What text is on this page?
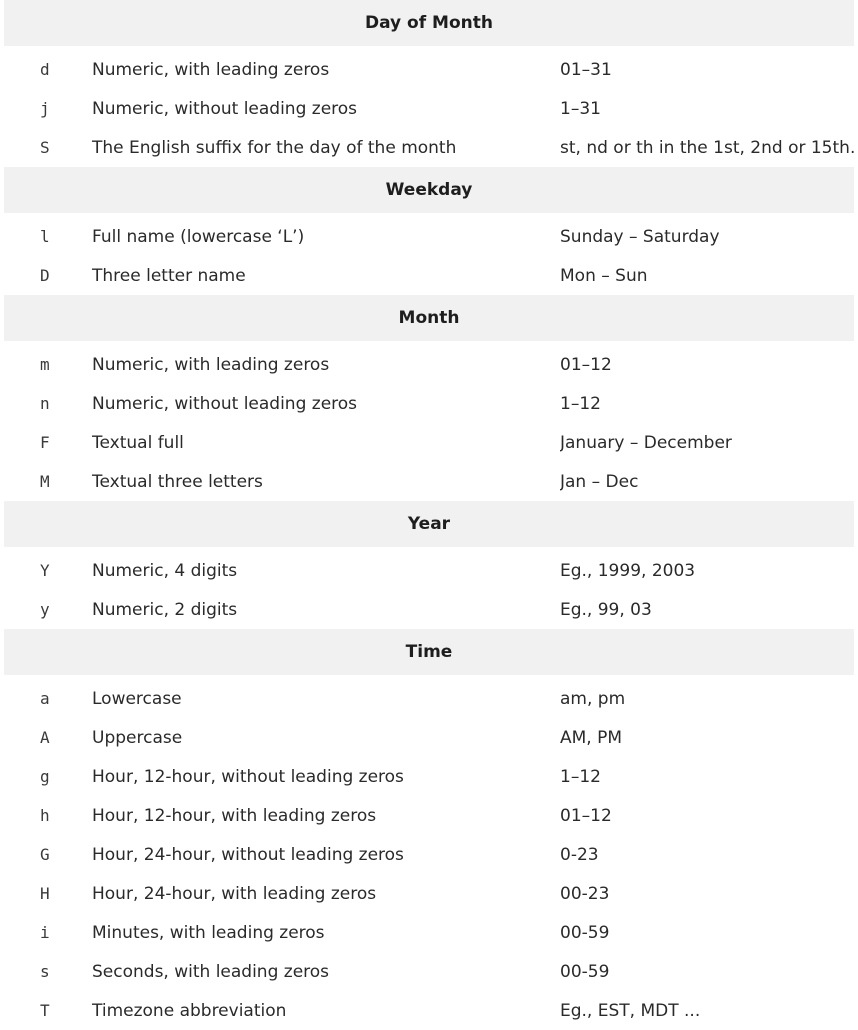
Day of Month
d	Numeric, with leading zeros	01–31
j	Numeric, without leading zeros	1–31
S	The English suffix for the day of the month	st, nd or th in the 1st, 2nd or 15th.
Weekday
l	Full name (lowercase ‘L’)	Sunday – Saturday
D	Three letter name	Mon – Sun
Month
m	Numeric, with leading zeros	01–12
n	Numeric, without leading zeros	1–12
F	Textual full	January – December
M	Textual three letters	Jan – Dec
Year
Y	Numeric, 4 digits	Eg., 1999, 2003
y	Numeric, 2 digits	Eg., 99, 03
Time
a	Lowercase	am, pm
A	Uppercase	AM, PM
g	Hour, 12-hour, without leading zeros	1–12
h	Hour, 12-hour, with leading zeros	01–12
G	Hour, 24-hour, without leading zeros	0-23
H	Hour, 24-hour, with leading zeros	00-23
i	Minutes, with leading zeros	00-59
s	Seconds, with leading zeros	00-59
T	Timezone abbreviation	Eg., EST, MDT ...
